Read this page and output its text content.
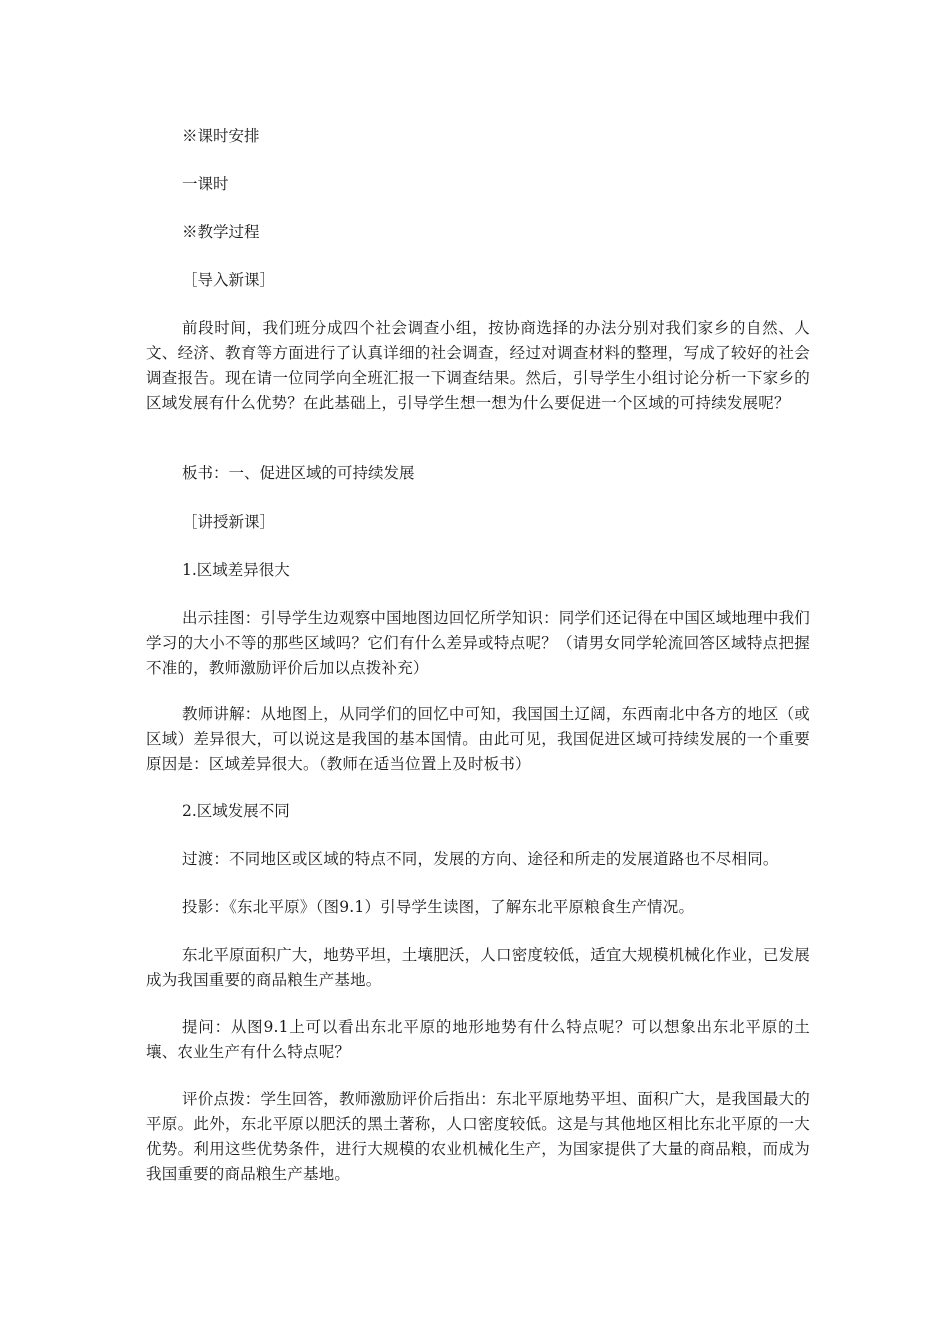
※课时安排
一课时
※教学过程
［导入新课］

前段时间，我们班分成四个社会调查小组，按协商选择的办法分别对我们家乡的自然、人文、经济、教育等方面进行了认真详细的社会调查，经过对调查材料的整理，写成了较好的社会调查报告。现在请一位同学向全班汇报一下调查结果。然后，引导学生小组讨论分析一下家乡的区域发展有什么优势？在此基础上，引导学生想一想为什么要促进一个区域的可持续发展呢？

板书：一、促进区域的可持续发展
［讲授新课］
1.区域差异很大

出示挂图：引导学生边观察中国地图边回忆所学知识：同学们还记得在中国区域地理中我们学习的大小不等的那些区域吗？它们有什么差异或特点呢？（请男女同学轮流回答区域特点把握不准的，教师激励评价后加以点拨补充）

教师讲解：从地图上，从同学们的回忆中可知，我国国土辽阔，东西南北中各方的地区（或区域）差异很大，可以说这是我国的基本国情。由此可见，我国促进区域可持续发展的一个重要原因是：区域差异很大。（教师在适当位置上及时板书）

2.区域发展不同

过渡：不同地区或区域的特点不同，发展的方向、途径和所走的发展道路也不尽相同。

投影：《东北平原》（图9.1）引导学生读图，了解东北平原粮食生产情况。

东北平原面积广大，地势平坦，土壤肥沃，人口密度较低，适宜大规模机械化作业，已发展成为我国重要的商品粮生产基地。

提问：从图9.1上可以看出东北平原的地形地势有什么特点呢？可以想象出东北平原的土壤、农业生产有什么特点呢？

评价点拨：学生回答，教师激励评价后指出：东北平原地势平坦、面积广大，是我国最大的平原。此外，东北平原以肥沃的黑土著称，人口密度较低。这是与其他地区相比东北平原的一大优势。利用这些优势条件，进行大规模的农业机械化生产，为国家提供了大量的商品粮，而成为我国重要的商品粮生产基地。
